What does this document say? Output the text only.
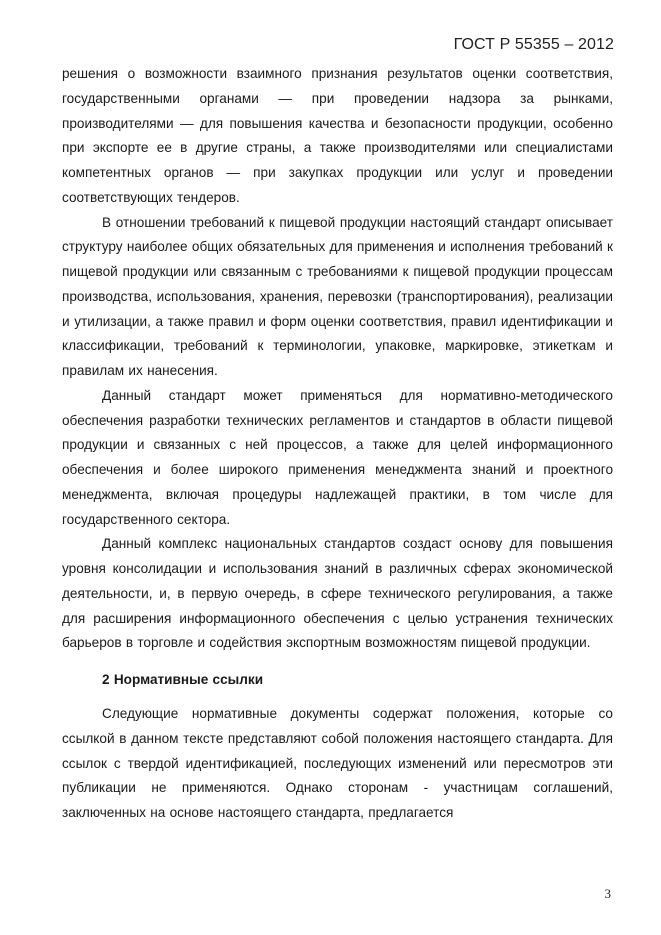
ГОСТ Р 55355 – 2012

решения о возможности взаимного признания результатов оценки соответствия, государственными органами — при проведении надзора за рынками, производителями — для повышения качества и безопасности продукции, особенно при экспорте ее в другие страны, а также производителями или специалистами компетентных органов — при закупках продукции или услуг и проведении соответствующих тендеров.

В отношении требований к пищевой продукции настоящий стандарт описывает структуру наиболее общих обязательных для применения и исполнения требований к пищевой продукции или связанным с требованиями к пищевой продукции процессам производства, использования, хранения, перевозки (транспортирования), реализации и утилизации, а также правил и форм оценки соответствия, правил идентификации и классификации, требований к терминологии, упаковке, маркировке, этикеткам и правилам их нанесения.

Данный стандарт может применяться для нормативно-методического обеспечения разработки технических регламентов и стандартов в области пищевой продукции и связанных с ней процессов, а также для целей информационного обеспечения и более широкого применения менеджмента знаний и проектного менеджмента, включая процедуры надлежащей практики, в том числе для государственного сектора.

Данный комплекс национальных стандартов создаст основу для повышения уровня консолидации и использования знаний в различных сферах экономической деятельности, и, в первую очередь, в сфере технического регулирования, а также для расширения информационного обеспечения с целью устранения технических барьеров в торговле и содействия экспортным возможностям пищевой продукции.

2 Нормативные ссылки

Следующие нормативные документы содержат положения, которые со ссылкой в данном тексте представляют собой положения настоящего стандарта. Для ссылок с твердой идентификацией, последующих изменений или пересмотров эти публикации не применяются. Однако сторонам - участницам соглашений, заключенных на основе настоящего стандарта, предлагается

3
